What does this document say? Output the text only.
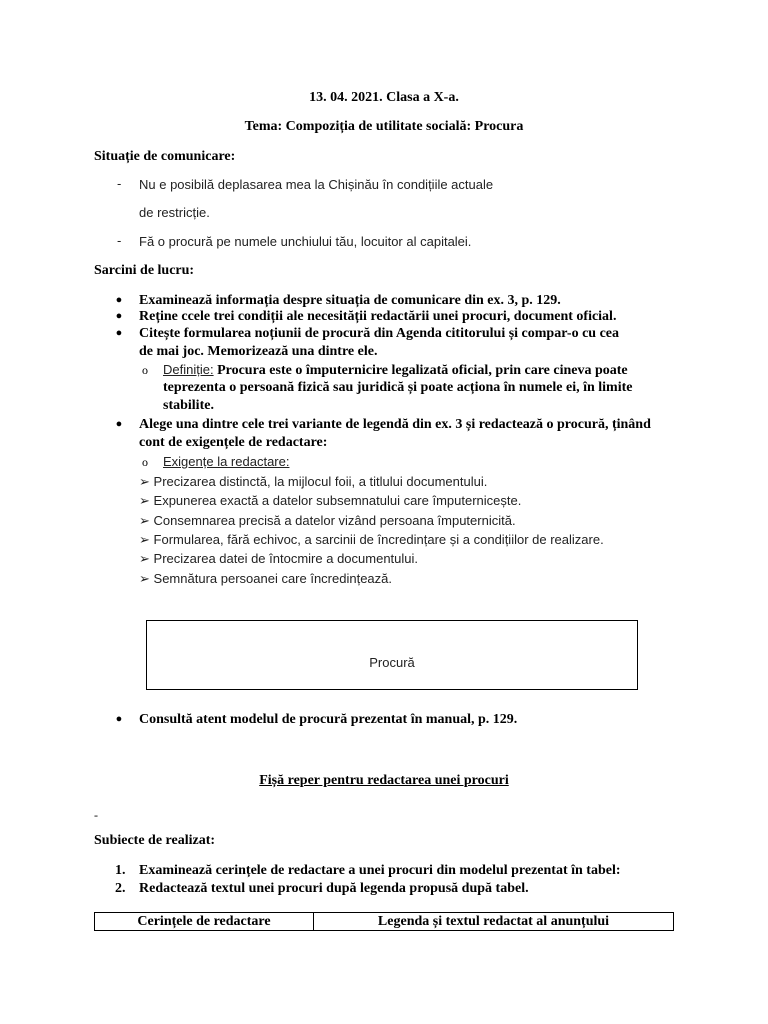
13. 04. 2021. Clasa a X-a.
Tema: Compoziția de utilitate socială: Procura
Situație de comunicare:
- Nu e posibilă deplasarea mea la Chișinău în condițiile actuale
de restricție.
- Fă o procură pe numele unchiului tău, locuitor al capitalei.
Sarcini de lucru:
● Examinează informația despre situația de comunicare din ex. 3, p. 129.
● Reține ccele trei condiții ale necesității redactării unei procuri, document oficial.
● Citește formularea noțiunii de procură din Agenda cititorului și compar-o cu cea
de mai joc. Memorizează una dintre ele.
o Definiție: Procura este o împuternicire legalizată oficial, prin care cineva poate
teprezenta o persoană fizică sau juridică și poate acționa în numele ei, în limite
stabilite.
● Alege una dintre cele trei variante de legendă din ex. 3 și redactează o procură, ținând
cont de exigențele de redactare:
o Exigențe la redactare:
➢ Precizarea distinctă, la mijlocul foii, a titlului documentului.
➢ Expunerea exactă a datelor subsemnatului care împuternicește.
➢ Consemnarea precisă a datelor vizând persoana împuternicită.
➢ Formularea, fără echivoc, a sarcinii de încredințare și a condițiilor de realizare.
➢ Precizarea datei de întocmire a documentului.
➢ Semnătura persoanei care încredințează.
Procură
● Consultă atent modelul de procură prezentat în manual, p. 129.
Fișă reper pentru redactarea unei procuri
-
Subiecte de realizat:
1. Examinează cerințele de redactare a unei procuri din modelul prezentat în tabel:
2. Redactează textul unei procuri după legenda propusă după tabel.
Cerințele de redactare	Legenda și textul redactat al anunțului
